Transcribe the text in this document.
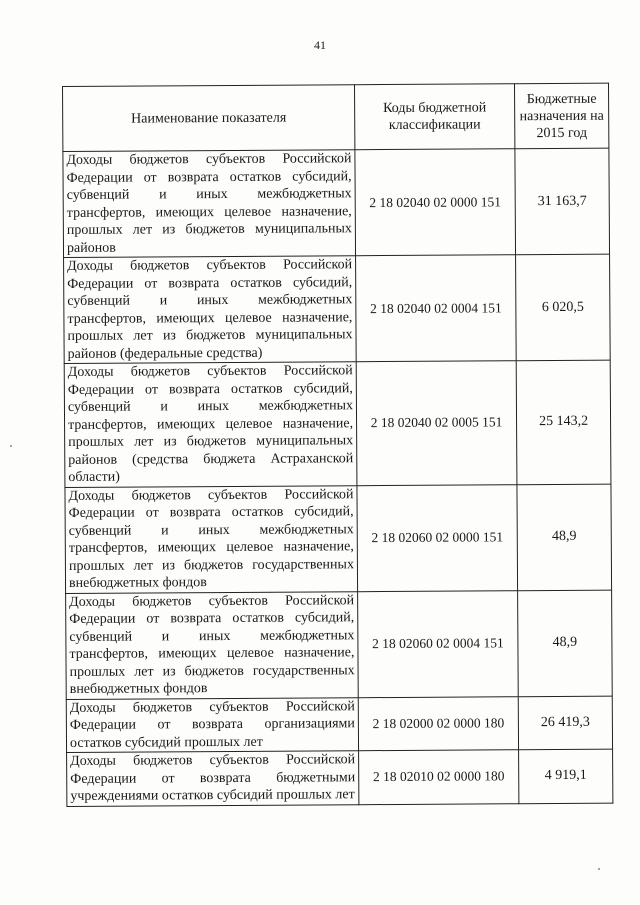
41
Наименование показателя	Коды бюджетной классификации	Бюджетные назначения на 2015 год
Доходы бюджетов субъектов Российской Федерации от возврата остатков субсидий, субвенций и иных межбюджетных трансфертов, имеющих целевое назначение, прошлых лет из бюджетов муниципальных районов	2 18 02040 02 0000 151	31 163,7
Доходы бюджетов субъектов Российской Федерации от возврата остатков субсидий, субвенций и иных межбюджетных трансфертов, имеющих целевое назначение, прошлых лет из бюджетов муниципальных районов (федеральные средства)	2 18 02040 02 0004 151	6 020,5
Доходы бюджетов субъектов Российской Федерации от возврата остатков субсидий, субвенций и иных межбюджетных трансфертов, имеющих целевое назначение, прошлых лет из бюджетов муниципальных районов (средства бюджета Астраханской области)	2 18 02040 02 0005 151	25 143,2
Доходы бюджетов субъектов Российской Федерации от возврата остатков субсидий, субвенций и иных межбюджетных трансфертов, имеющих целевое назначение, прошлых лет из бюджетов государственных внебюджетных фондов	2 18 02060 02 0000 151	48,9
Доходы бюджетов субъектов Российской Федерации от возврата остатков субсидий, субвенций и иных межбюджетных трансфертов, имеющих целевое назначение, прошлых лет из бюджетов государственных внебюджетных фондов	2 18 02060 02 0004 151	48,9
Доходы бюджетов субъектов Российской Федерации от возврата организациями остатков субсидий прошлых лет	2 18 02000 02 0000 180	26 419,3
Доходы бюджетов субъектов Российской Федерации от возврата бюджетными учреждениями остатков субсидий прошлых лет	2 18 02010 02 0000 180	4 919,1
